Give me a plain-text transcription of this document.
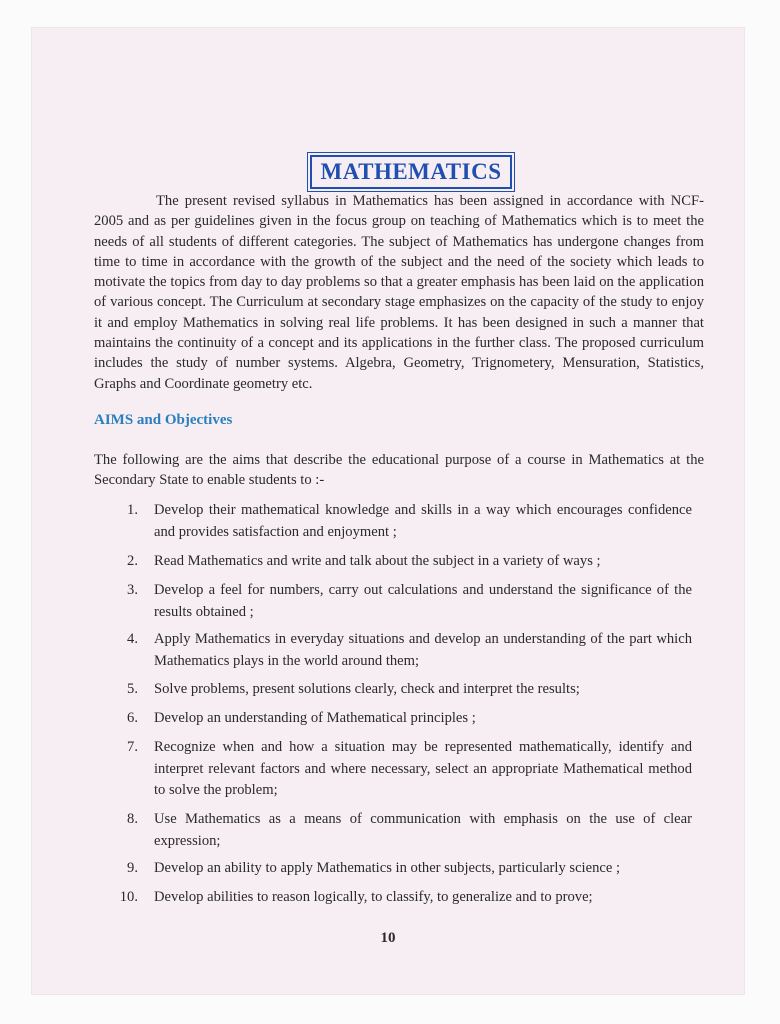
MATHEMATICS

The present revised syllabus in Mathematics has been assigned in accordance with NCF- 2005 and as per guidelines given in the focus group on teaching of Mathematics which is to meet the needs of all students of different categories. The subject of Mathematics has undergone changes from time to time in accordance with the growth of the subject and the need of the society which leads to motivate the topics from day to day problems so that a greater emphasis has been laid on the application of various concept. The Curriculum at secondary stage emphasizes on the capacity of the study to enjoy it and employ Mathematics in solving real life problems. It has been designed in such a manner that maintains the continuity of a concept and its applications in the further class. The proposed curriculum includes the study of number systems. Algebra, Geometry, Trignometery, Mensuration, Statistics, Graphs and Coordinate geometry etc.

AIMS and Objectives

The following are the aims that describe the educational purpose of a course in Mathematics at the Secondary State to enable students to :-

1. Develop their mathematical knowledge and skills in a way which encourages confidence and provides satisfaction and enjoyment ;
2. Read Mathematics and write and talk about the subject in a variety of ways ;
3. Develop a feel for numbers, carry out calculations and understand the significance of the results obtained ;
4. Apply Mathematics in everyday situations and develop an understanding of the part which Mathematics plays in the world around them;
5. Solve problems, present solutions clearly, check and interpret the results;
6. Develop an understanding of Mathematical principles ;
7. Recognize when and how a situation may be represented mathematically, identify and interpret relevant factors and where necessary, select an appropriate Mathematical method to solve the problem;
8. Use Mathematics as a means of communication with emphasis on the use of clear expression;
9. Develop an ability to apply Mathematics in other subjects, particularly science ;
10. Develop abilities to reason logically, to classify, to generalize and to prove;
10
